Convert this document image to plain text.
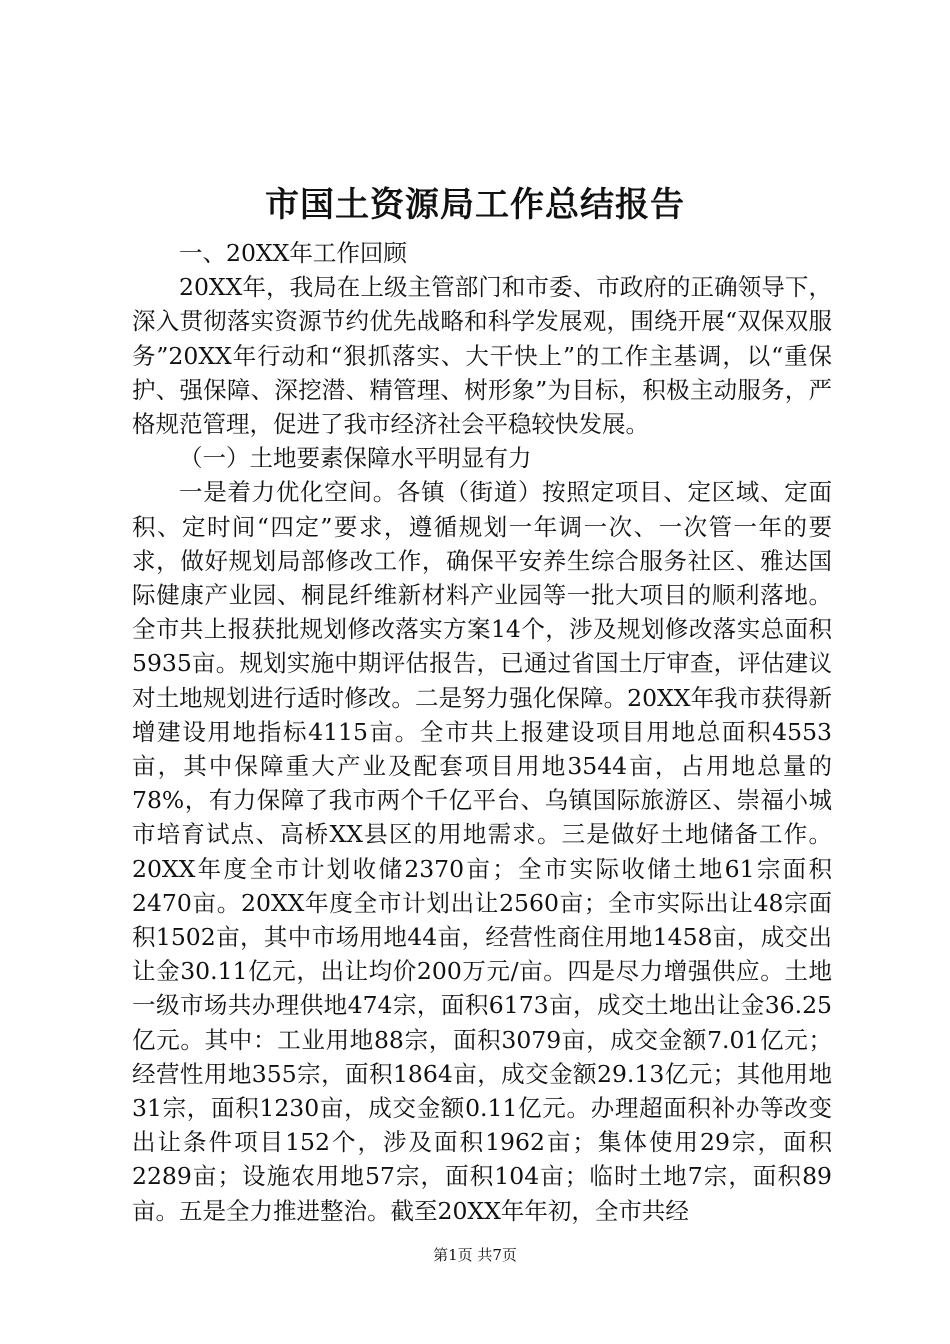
市国土资源局工作总结报告

一、20XX年工作回顾

20XX年，我局在上级主管部门和市委、市政府的正确领导下，深入贯彻落实资源节约优先战略和科学发展观，围绕开展“双保双服务”20XX年行动和“狠抓落实、大干快上”的工作主基调，以“重保护、强保障、深挖潜、精管理、树形象”为目标，积极主动服务，严格规范管理，促进了我市经济社会平稳较快发展。

（一）土地要素保障水平明显有力

一是着力优化空间。各镇（街道）按照定项目、定区域、定面积、定时间“四定”要求，遵循规划一年调一次、一次管一年的要求，做好规划局部修改工作，确保平安养生综合服务社区、雅达国际健康产业园、桐昆纤维新材料产业园等一批大项目的顺利落地。全市共上报获批规划修改落实方案14个，涉及规划修改落实总面积5935亩。规划实施中期评估报告，已通过省国土厅审查，评估建议对土地规划进行适时修改。二是努力强化保障。20XX年我市获得新增建设用地指标4115亩。全市共上报建设项目用地总面积4553亩，其中保障重大产业及配套项目用地3544亩，占用地总量的78%，有力保障了我市两个千亿平台、乌镇国际旅游区、崇福小城市培育试点、高桥XX县区的用地需求。三是做好土地储备工作。20XX年度全市计划收储2370亩；全市实际收储土地61宗面积2470亩。20XX年度全市计划出让2560亩；全市实际出让48宗面积1502亩，其中市场用地44亩，经营性商住用地1458亩，成交出让金30.11亿元，出让均价200万元/亩。四是尽力增强供应。土地一级市场共办理供地474宗，面积6173亩，成交土地出让金36.25亿元。其中：工业用地88宗，面积3079亩，成交金额7.01亿元；经营性用地355宗，面积1864亩，成交金额29.13亿元；其他用地31宗，面积1230亩，成交金额0.11亿元。办理超面积补办等改变出让条件项目152个，涉及面积1962亩；集体使用29宗，面积2289亩；设施农用地57宗，面积104亩；临时土地7宗，面积89亩。五是全力推进整治。截至20XX年年初，全市共经

第1页 共7页
